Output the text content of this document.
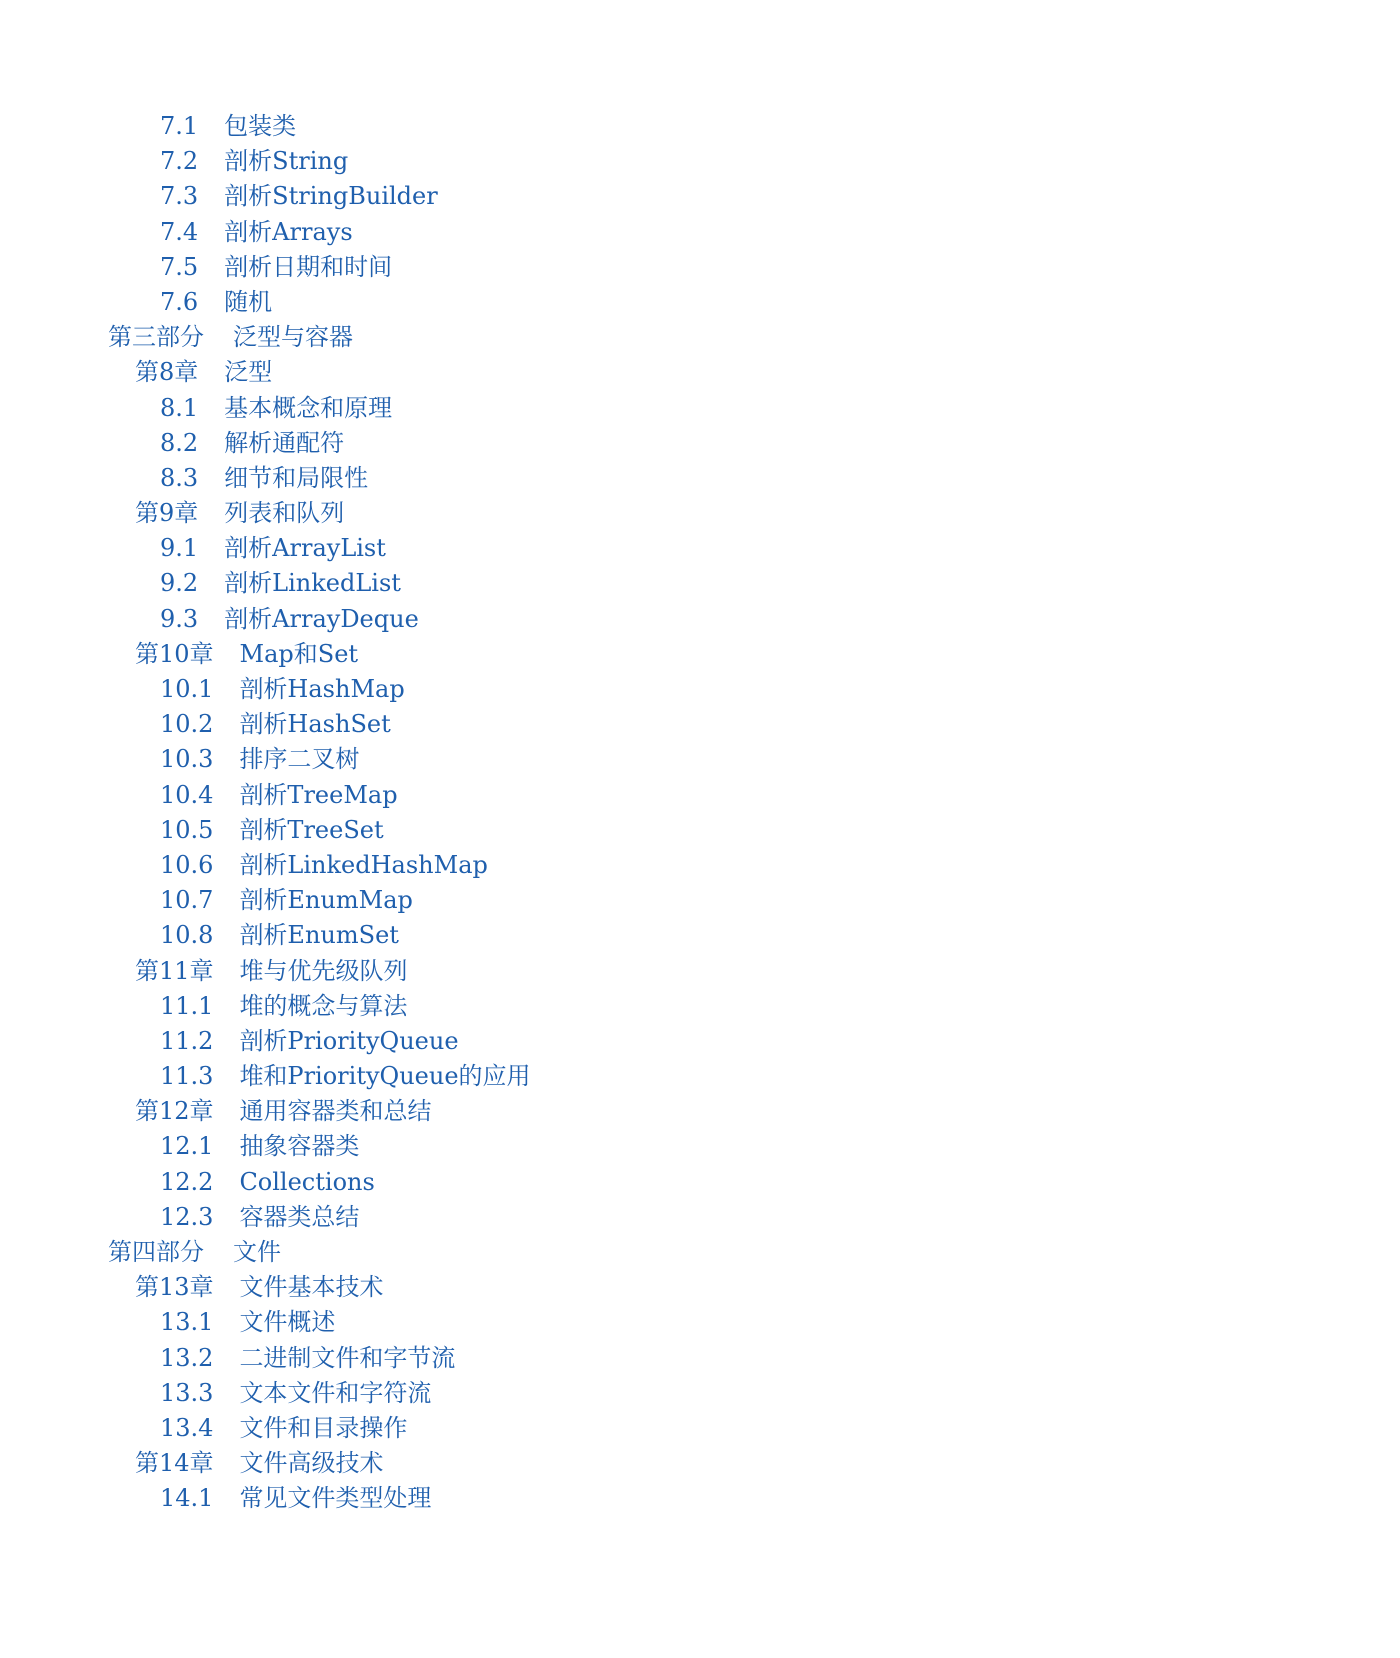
7.1 包装类
7.2 剖析String
7.3 剖析StringBuilder
7.4 剖析Arrays
7.5 剖析日期和时间
7.6 随机
第三部分 泛型与容器
第8章 泛型
8.1 基本概念和原理
8.2 解析通配符
8.3 细节和局限性
第9章 列表和队列
9.1 剖析ArrayList
9.2 剖析LinkedList
9.3 剖析ArrayDeque
第10章 Map和Set
10.1 剖析HashMap
10.2 剖析HashSet
10.3 排序二叉树
10.4 剖析TreeMap
10.5 剖析TreeSet
10.6 剖析LinkedHashMap
10.7 剖析EnumMap
10.8 剖析EnumSet
第11章 堆与优先级队列
11.1 堆的概念与算法
11.2 剖析PriorityQueue
11.3 堆和PriorityQueue的应用
第12章 通用容器类和总结
12.1 抽象容器类
12.2 Collections
12.3 容器类总结
第四部分 文件
第13章 文件基本技术
13.1 文件概述
13.2 二进制文件和字节流
13.3 文本文件和字符流
13.4 文件和目录操作
第14章 文件高级技术
14.1 常见文件类型处理
